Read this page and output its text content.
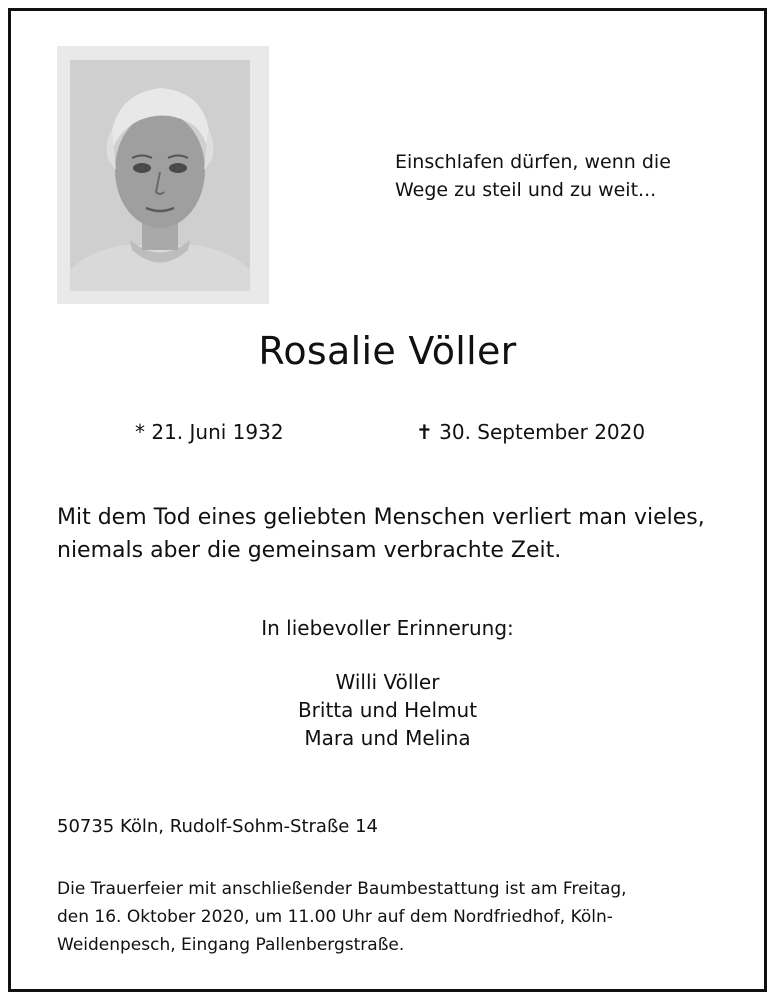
Einschlafen dürfen, wenn die
Wege zu steil und zu weit...
Rosalie Völler
* 21. Juni 1932	✝ 30. September 2020
Mit dem Tod eines geliebten Menschen verliert man vieles,
niemals aber die gemeinsam verbrachte Zeit.
In liebevoller Erinnerung:
Willi Völler
Britta und Helmut
Mara und Melina
50735 Köln, Rudolf-Sohm-Straße 14
Die Trauerfeier mit anschließender Baumbestattung ist am Freitag,
den 16. Oktober 2020, um 11.00 Uhr auf dem Nordfriedhof, Köln-
Weidenpesch, Eingang Pallenbergstraße.
